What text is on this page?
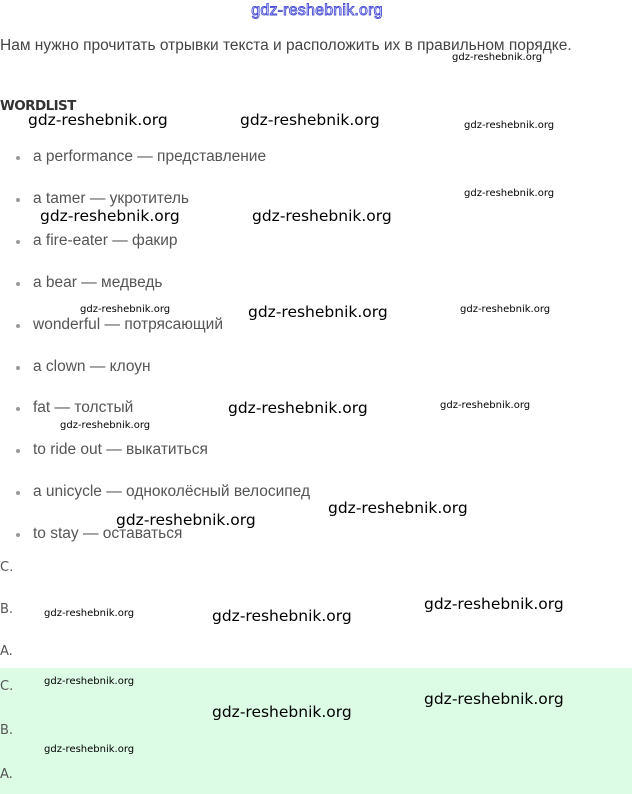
gdz-reshebnik.org
Нам нужно прочитать отрывки текста и расположить их в правильном порядке.
WORDLIST
a performance — представление
a tamer — укротитель
a fire-eater — факир
a bear — медведь
wonderful — потрясающий
a clown — клоун
fat — толстый
to ride out — выкатиться
a unicycle — одноколёсный велосипед
to stay — оставаться
C.
B.
A.
C.
B.
A.
gdz-reshebnik.org
gdz-reshebnik.org	gdz-reshebnik.org	gdz-reshebnik.org
gdz-reshebnik.org
gdz-reshebnik.org	gdz-reshebnik.org
gdz-reshebnik.org	gdz-reshebnik.org	gdz-reshebnik.org
gdz-reshebnik.org	gdz-reshebnik.org
gdz-reshebnik.org
gdz-reshebnik.org
gdz-reshebnik.org
gdz-reshebnik.org
gdz-reshebnik.org	gdz-reshebnik.org
gdz-reshebnik.org
gdz-reshebnik.org
gdz-reshebnik.org
gdz-reshebnik.org
